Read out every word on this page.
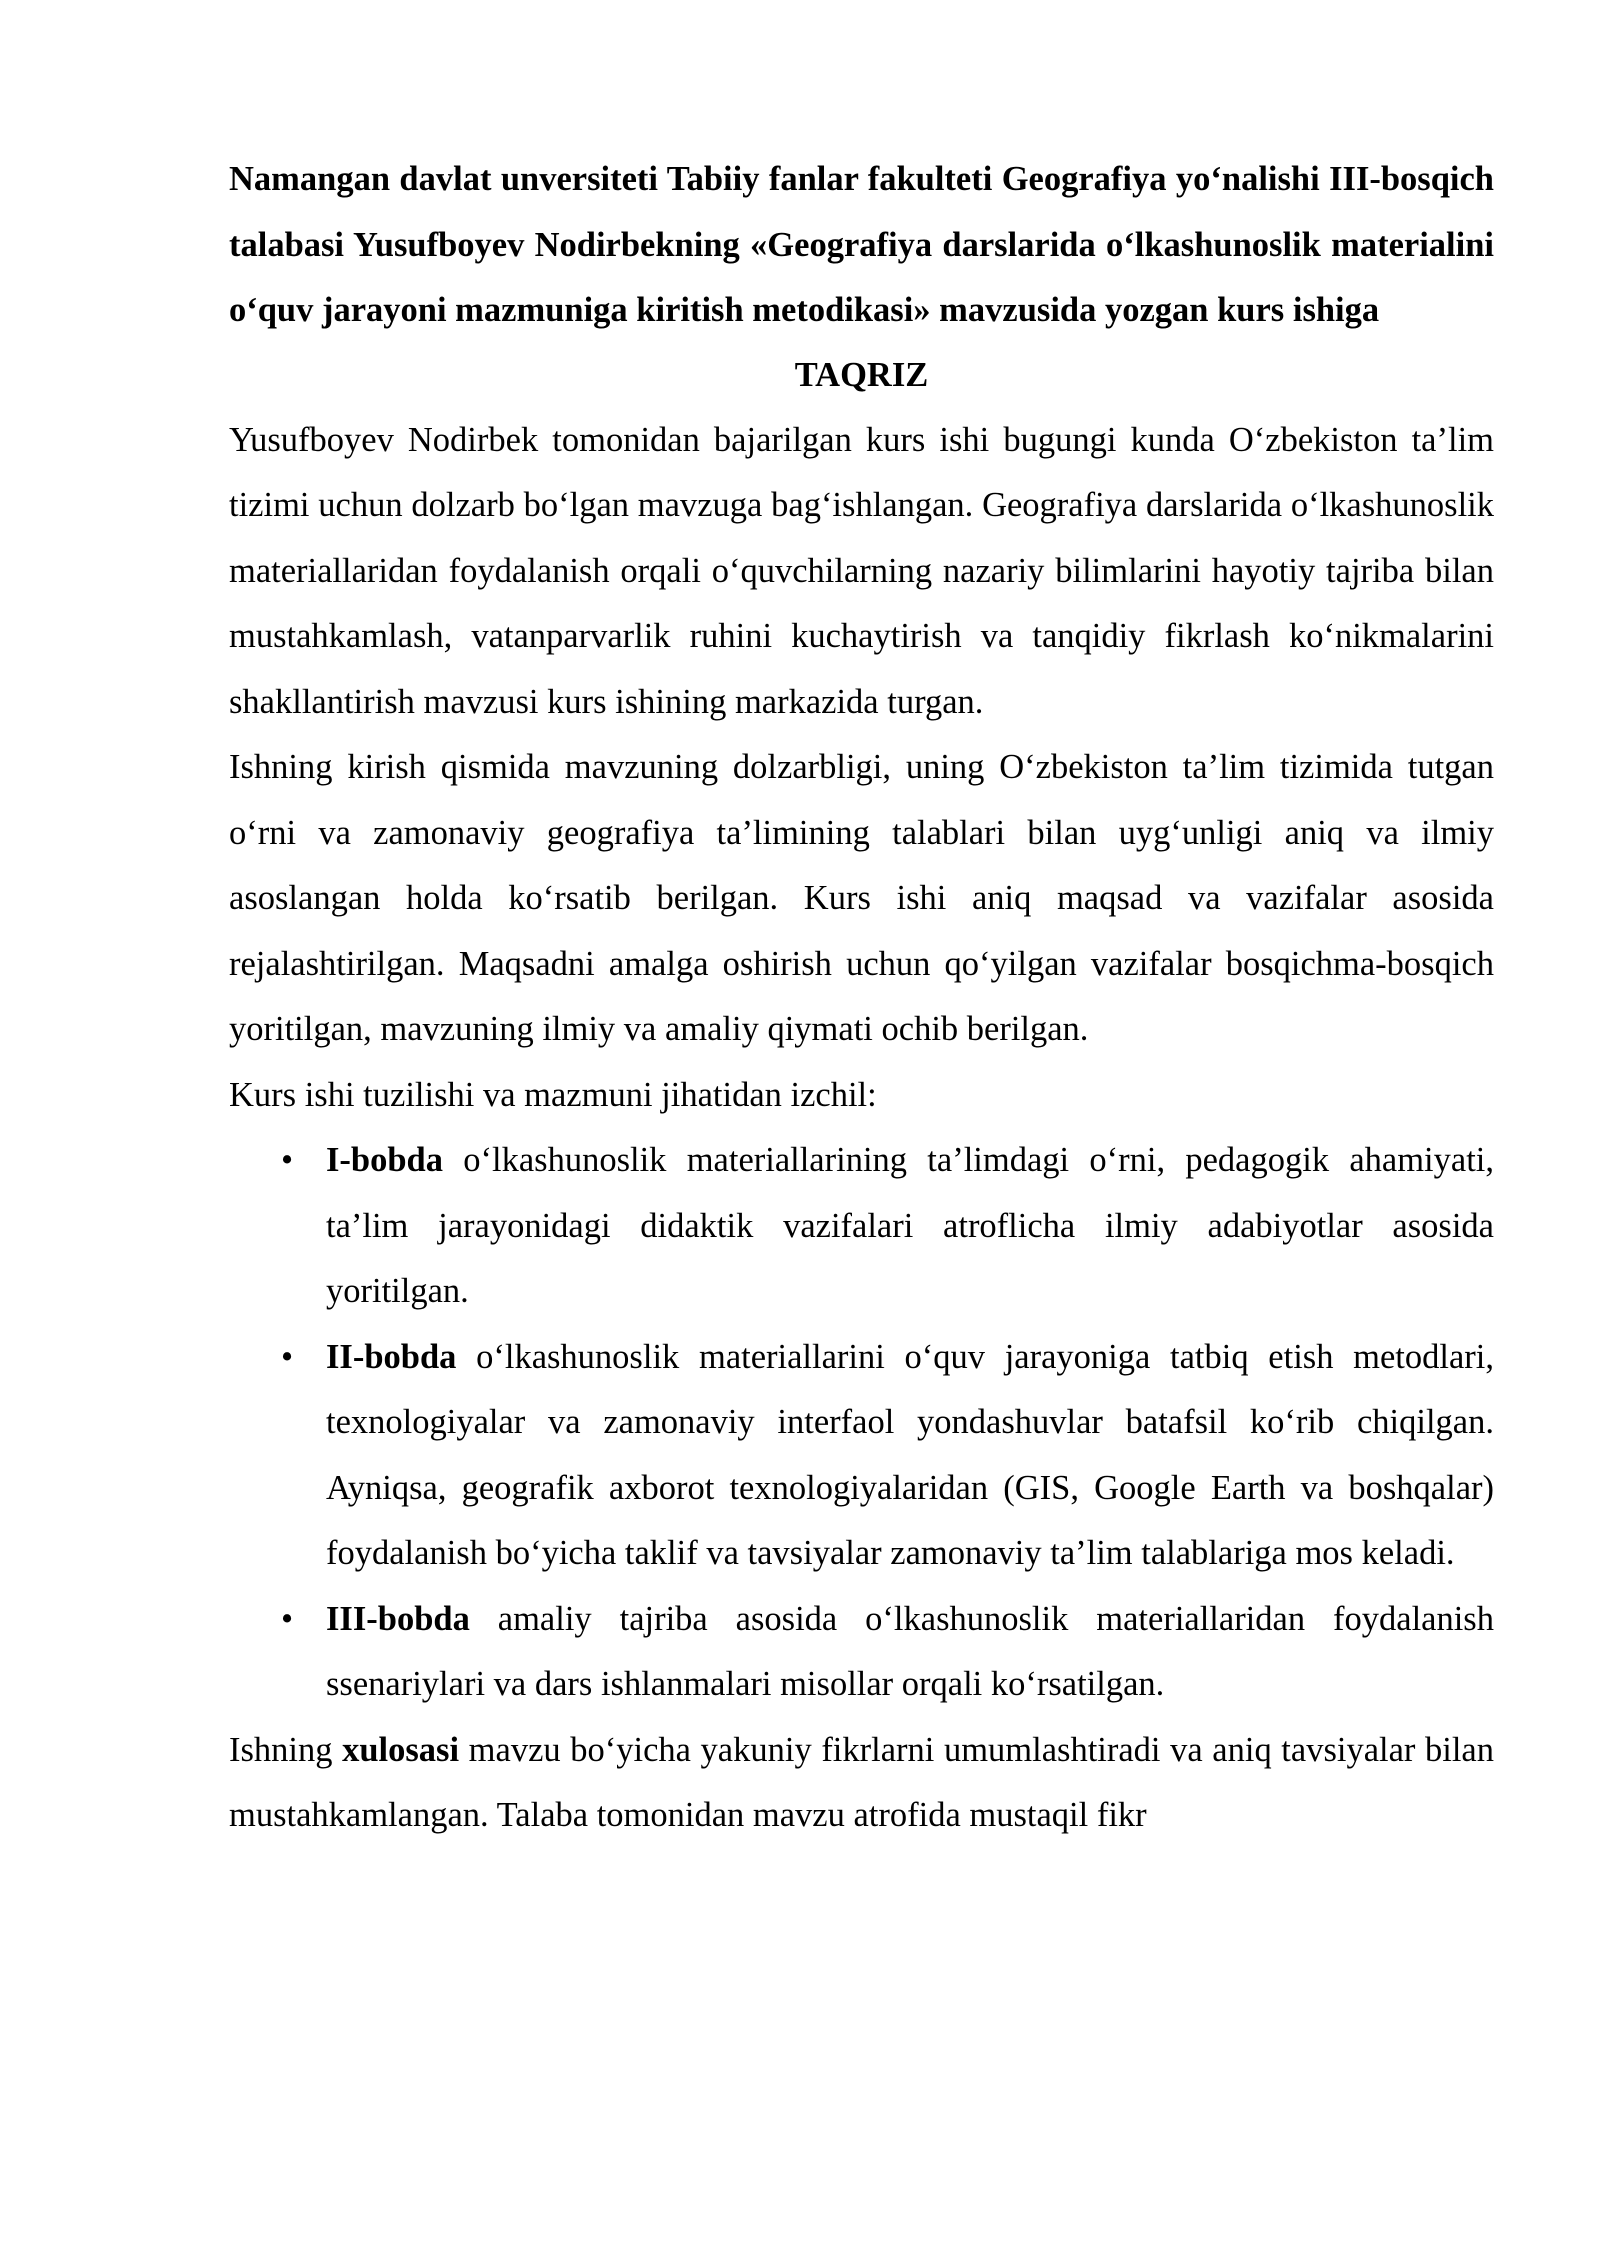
Namangan davlat unversiteti Tabiiy fanlar fakulteti Geografiya yo‘nalishi III-bosqich talabasi Yusufboyev Nodirbekning «Geografiya darslarida o‘lkashunoslik materialini o‘quv jarayoni mazmuniga kiritish metodikasi» mavzusida yozgan kurs ishiga

TAQRIZ

Yusufboyev Nodirbek tomonidan bajarilgan kurs ishi bugungi kunda O‘zbekiston ta’lim tizimi uchun dolzarb bo‘lgan mavzuga bag‘ishlangan. Geografiya darslarida o‘lkashunoslik materiallaridan foydalanish orqali o‘quvchilarning nazariy bilimlarini hayotiy tajriba bilan mustahkamlash, vatanparvarlik ruhini kuchaytirish va tanqidiy fikrlash ko‘nikmalarini shakllantirish mavzusi kurs ishining markazida turgan.

Ishning kirish qismida mavzuning dolzarbligi, uning O‘zbekiston ta’lim tizimida tutgan o‘rni va zamonaviy geografiya ta’limining talablari bilan uyg‘unligi aniq va ilmiy asoslangan holda ko‘rsatib berilgan. Kurs ishi aniq maqsad va vazifalar asosida rejalashtirilgan. Maqsadni amalga oshirish uchun qo‘yilgan vazifalar bosqichma-bosqich yoritilgan, mavzuning ilmiy va amaliy qiymati ochib berilgan.

Kurs ishi tuzilishi va mazmuni jihatidan izchil:

• I-bobda o‘lkashunoslik materiallarining ta’limdagi o‘rni, pedagogik ahamiyati, ta’lim jarayonidagi didaktik vazifalari atroflicha ilmiy adabiyotlar asosida yoritilgan.
• II-bobda o‘lkashunoslik materiallarini o‘quv jarayoniga tatbiq etish metodlari, texnologiyalar va zamonaviy interfaol yondashuvlar batafsil ko‘rib chiqilgan. Ayniqsa, geografik axborot texnologiyalaridan (GIS, Google Earth va boshqalar) foydalanish bo‘yicha taklif va tavsiyalar zamonaviy ta’lim talablariga mos keladi.
• III-bobda amaliy tajriba asosida o‘lkashunoslik materiallaridan foydalanish ssenariylari va dars ishlanmalari misollar orqali ko‘rsatilgan.

Ishning xulosasi mavzu bo‘yicha yakuniy fikrlarni umumlashtiradi va aniq tavsiyalar bilan mustahkamlangan. Talaba tomonidan mavzu atrofida mustaqil fikr
